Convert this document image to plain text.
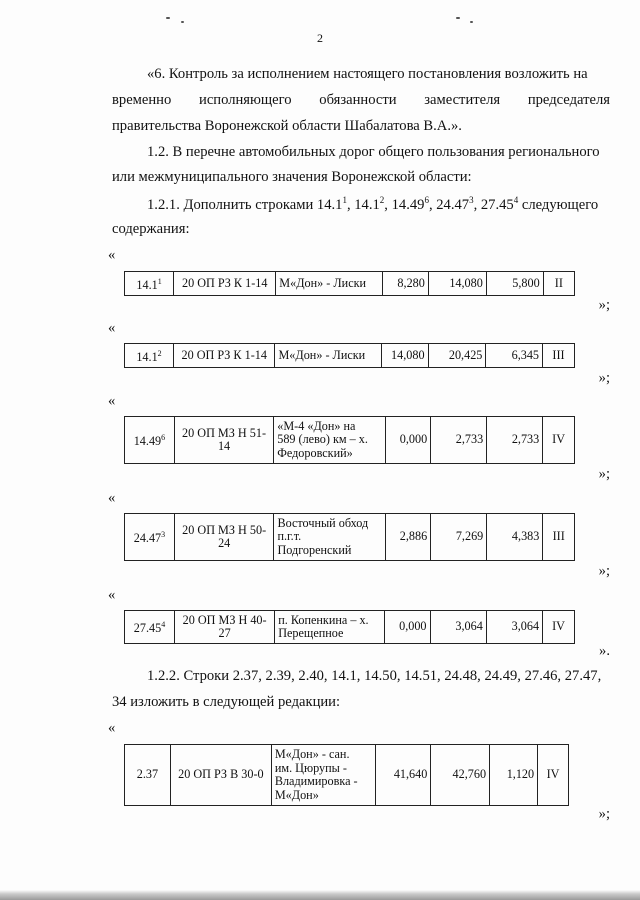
2
«6. Контроль за исполнением настоящего постановления возложить на
временно исполняющего обязанности заместителя председателя
правительства Воронежской области Шабалатова В.А.».
1.2. В перечне автомобильных дорог общего пользования регионального
или межмуниципального значения Воронежской области:
1.2.1. Дополнить строками 14.1$^1$, 14.1$^2$, 14.49$^6$, 24.47$^3$, 27.45$^4$ следующего
содержания:
«
14.1$^1$	20 ОП РЗ К 1-14	М«Дон» - Лиски	8,280	14,080	5,800	II
»;
«
14.1$^2$	20 ОП РЗ К 1-14	М«Дон» - Лиски	14,080	20,425	6,345	III
»;
«
14.49$^6$	20 ОП МЗ Н 51-14	«М-4 «Дон» на
589 (лево) км – х.
Федоровский»	0,000	2,733	2,733	IV
»;
«
24.47$^3$	20 ОП МЗ Н 50-24	Восточный обход
п.г.т.
Подгоренский	2,886	7,269	4,383	III
»;
«
27.45$^4$	20 ОП МЗ Н 40-27	п. Копенкина – х.
Перещепное	0,000	3,064	3,064	IV
».
1.2.2. Строки 2.37, 2.39, 2.40, 14.1, 14.50, 14.51, 24.48, 24.49, 27.46, 27.47,
34 изложить в следующей редакции:
«
2.37	20 ОП РЗ В 30-0	М«Дон» - сан.
им. Цюрупы -
Владимировка -
М«Дон»	41,640	42,760	1,120	IV
»;
